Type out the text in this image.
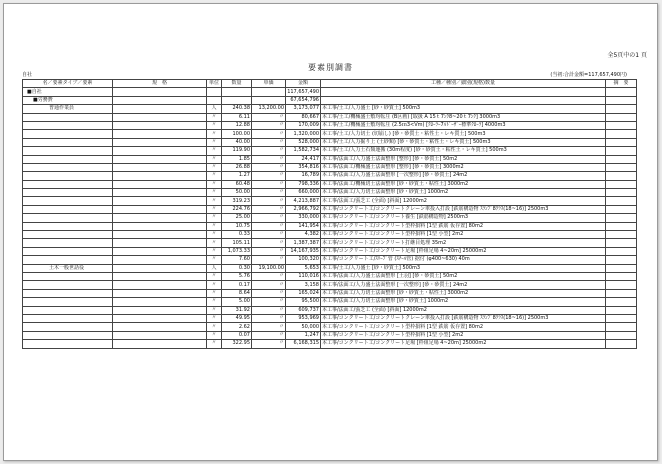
全5頁中の1 頁
要素別調書
自社	(当初:合計金額=117,657,490円)
名／要素タイプ／要素	規　格	単位	数量	単価	金額	工種／種別／細別(規格)数量	摘　要
■自社					117,657,490		
■労務費					67,654,796		
普通作業員		人	240.38	13,200.00	3,173,077	本工事/土工/人力盛土 [砂・砂質土] 500m3	
		〃	6.11	〃	80,667	本工事/土工/機械盛土敷均転圧 (B区画) [取扱 A 15ｔ7ﾝｸ8~20ｔ7ﾝｸ] 3000m3	
		〃	12.88	〃	170,009	本工事/土工/機械盛土敷均転圧 (2.5ｍ3<Vm) [ｸﾛｰﾗｰ7ﾙﾄﾞｰｻﾞｰ標準ｸﾛｰﾗ] 4000m3	
		〃	100.00	〃	1,320,000	本工事/土工/人力切土 (切崩し) [砂・砂質土・粘性土・レキ質土] 500m3	
		〃	40.00	〃	528,000	本工事/土工/人力掘り上 (土砂類) [砂・砂質土・粘性土・レキ質土] 500m3	
		〃	119.90	〃	1,582,734	本工事/土工/人力土石類運搬 (30m程度) [砂・砂質土・粘性土・レキ質土] 500m3	
		〃	1.85	〃	24,417	本工事/法面工/人力盛土法面整形 [整形] [砂・砂質土] 50m2	
		〃	26.88	〃	354,816	本工事/法面工/機械盛土法面整形 [整形] [砂・砂質土] 3000m2	
		〃	1.27	〃	16,789	本工事/法面工/人力盛土法面整形 [一次整形] [砂・砂質土] 24m2	
		〃	60.48	〃	798,336	本工事/法面工/機械切土法面整形 [砂・砂質土・粘性土] 3000m2	
		〃	50.00	〃	660,000	本工事/法面工/人力切土法面整形 [砂・砂質土] 1000m2	
		〃	319.23	〃	4,213,887	本工事/法面工/張芝工 (全面) [斜面] 12000m2	
		〃	224.76	〃	2,966,792	本工事/コンクリート工/コンクリートクレーン車投入打設 [鉄筋構造物 ｽﾗﾝﾌﾟ8ｸﾗｽ(18~16)] 2500m3	
		〃	25.00	〃	330,000	本工事/コンクリート工/コンクリート養生 [鉄筋構造物] 2500m3	
		〃	10.75	〃	141,954	本工事/コンクリート工/コンクリート型枠損料 [1型 鉄筋 仮存置] 80m2	
		〃	0.33	〃	4,382	本工事/コンクリート工/コンクリート型枠損料 [1型 小型] 2m2	
		〃	105.11	〃	1,387,387	本工事/コンクリート工/コンクリート打継目処理 35m2	
		〃	1,073.33	〃	14,167,935	本工事/コンクリート工/コンクリート足場 [枠組足場 4~20m] 25000m2	
		〃	7.60	〃	100,320	本工事/コンクリート工/ｽﾘｰﾌﾞ管 (ｽﾁｰﾙ管) 据付 (φ400~630) 40m	
土木一般世話役		人	0.30	19,100.00	5,653	本工事/土工/人力盛土 [砂・砂質土] 500m3	
		〃	5.76	〃	110,016	本工事/法面工/人力盛土法面整形 [土羽] [砂・砂質土] 50m2	
		〃	0.17	〃	3,158	本工事/法面工/人力盛土法面整形 [一次整形] [砂・砂質土] 24m2	
		〃	8.64	〃	165,024	本工事/法面工/人力切土法面整形 [砂・砂質土・粘性土] 3000m2	
		〃	5.00	〃	95,500	本工事/法面工/人力切土法面整形 [砂・砂質土] 1000m2	
		〃	31.92	〃	609,737	本工事/法面工/張芝工 (全面) [斜面] 12000m2	
		〃	49.95	〃	953,969	本工事/コンクリート工/コンクリートクレーン車投入打設 [鉄筋構造物 ｽﾗﾝﾌﾟ8ｸﾗｽ(18~16)] 2500m3	
		〃	2.62	〃	50,000	本工事/コンクリート工/コンクリート型枠損料 [1型 鉄筋 仮存置] 80m2	
		〃	0.07	〃	1,247	本工事/コンクリート工/コンクリート型枠損料 [1型 小型] 2m2	
		〃	322.95	〃	6,168,315	本工事/コンクリート工/コンクリート足場 [枠組足場 4~20m] 25000m2	
